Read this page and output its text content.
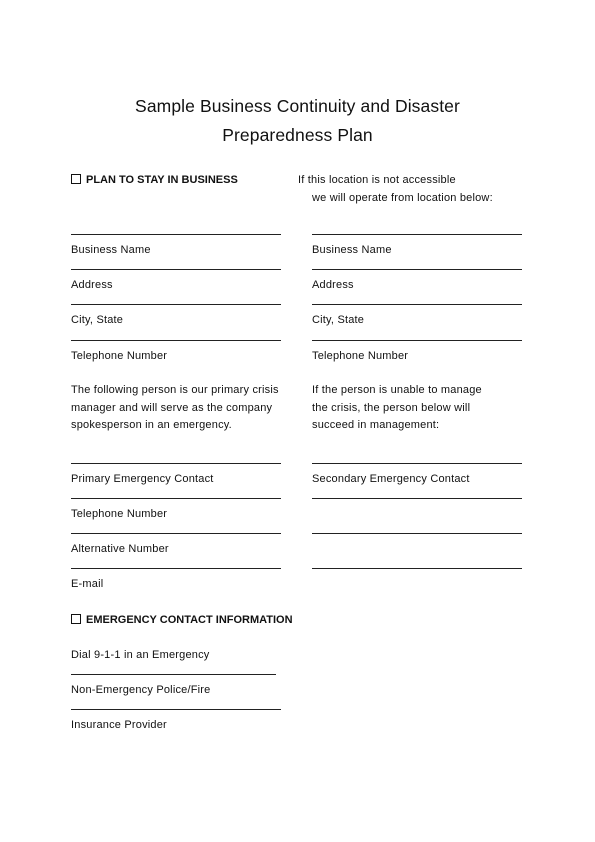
Sample Business Continuity and Disaster
Preparedness Plan
PLAN TO STAY IN BUSINESS	If this location is not accessible
we will operate from location below:
Business Name
Address
City, State
Telephone Number
Business Name
Address
City, State
Telephone Number
The following person is our primary crisis
manager and will serve as the company
spokesperson in an emergency.
If the person is unable to manage
the crisis, the person below will
succeed in management:
Primary Emergency Contact
Telephone Number
Alternative Number
E-mail
Secondary Emergency Contact
EMERGENCY CONTACT INFORMATION
Dial 9-1-1 in an Emergency
Non-Emergency Police/Fire
Insurance Provider
